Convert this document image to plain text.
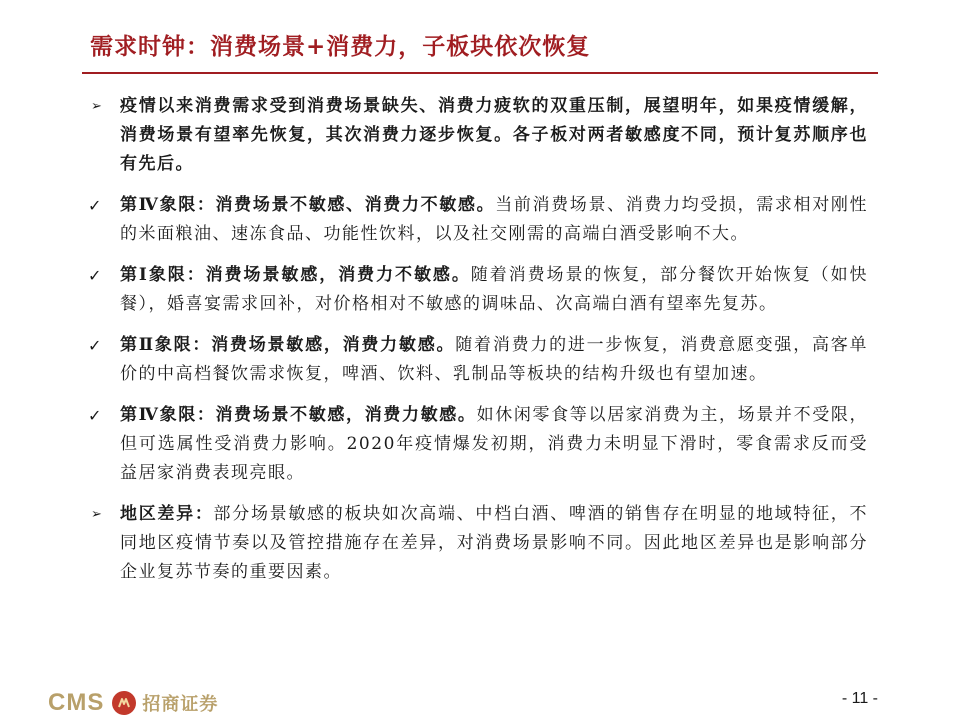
需求时钟：消费场景+消费力，子板块依次恢复
➢	疫情以来消费需求受到消费场景缺失、消费力疲软的双重压制，展望明年，如果疫情缓解，消费场景有望率先恢复，其次消费力逐步恢复。各子板对两者敏感度不同，预计复苏顺序也有先后。
✓	第Ⅳ象限：消费场景不敏感、消费力不敏感。当前消费场景、消费力均受损，需求相对刚性的米面粮油、速冻食品、功能性饮料，以及社交刚需的高端白酒受影响不大。
✓	第Ⅰ象限：消费场景敏感，消费力不敏感。随着消费场景的恢复，部分餐饮开始恢复（如快餐），婚喜宴需求回补，对价格相对不敏感的调味品、次高端白酒有望率先复苏。
✓	第Ⅱ象限：消费场景敏感，消费力敏感。随着消费力的进一步恢复，消费意愿变强，高客单价的中高档餐饮需求恢复，啤酒、饮料、乳制品等板块的结构升级也有望加速。
✓	第Ⅳ象限：消费场景不敏感，消费力敏感。如休闲零食等以居家消费为主，场景并不受限，但可选属性受消费力影响。2020年疫情爆发初期，消费力未明显下滑时，零食需求反而受益居家消费表现亮眼。
➢	地区差异：部分场景敏感的板块如次高端、中档白酒、啤酒的销售存在明显的地域特征，不同地区疫情节奏以及管控措施存在差异，对消费场景影响不同。因此地区差异也是影响部分企业复苏节奏的重要因素。
CMS 招商证券	- 11 -
